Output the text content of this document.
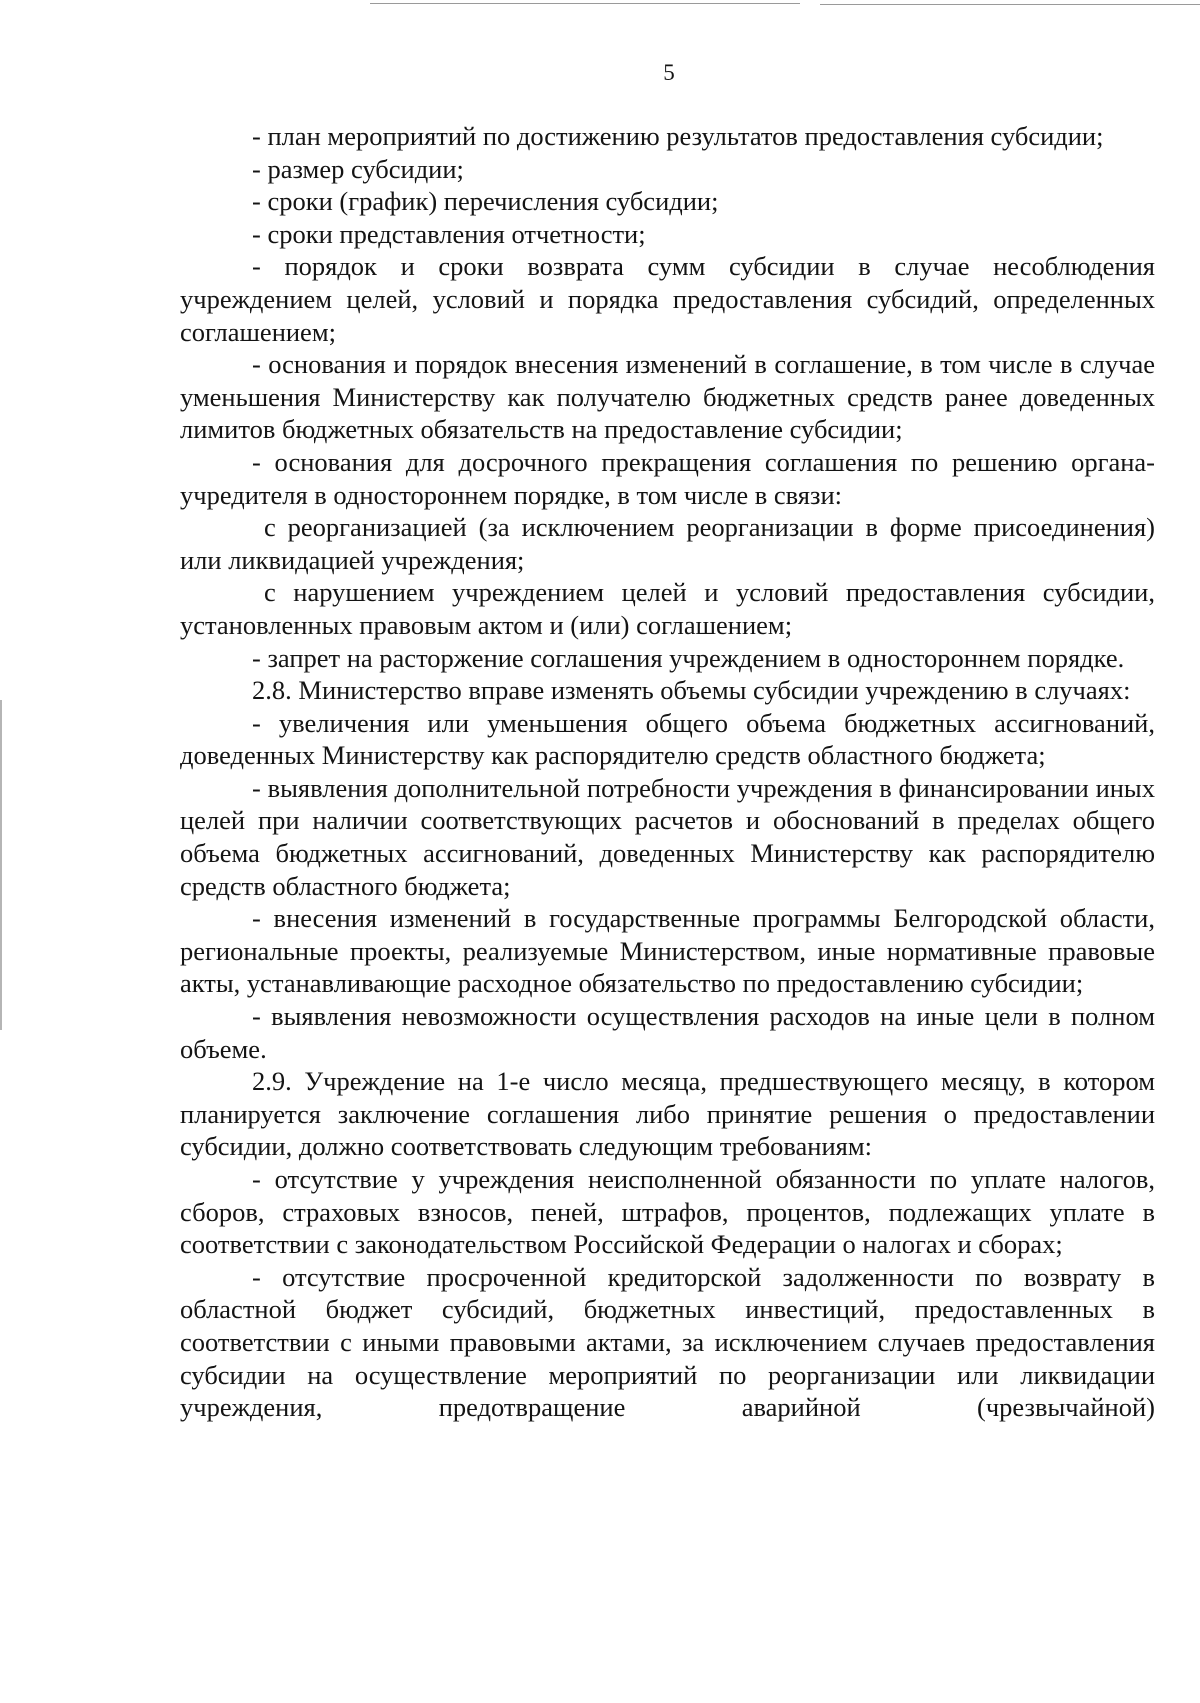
5

- план мероприятий по достижению результатов предоставления субсидии;

- размер субсидии;

- сроки (график) перечисления субсидии;

- сроки представления отчетности;

- порядок и сроки возврата сумм субсидии в случае несоблюдения учреждением целей, условий и порядка предоставления субсидий, определенных соглашением;

- основания и порядок внесения изменений в соглашение, в том числе в случае уменьшения Министерству как получателю бюджетных средств ранее доведенных лимитов бюджетных обязательств на предоставление субсидии;

- основания для досрочного прекращения соглашения по решению органа-учредителя в одностороннем порядке, в том числе в связи:

с реорганизацией (за исключением реорганизации в форме присоединения) или ликвидацией учреждения;

с нарушением учреждением целей и условий предоставления субсидии, установленных правовым актом и (или) соглашением;

- запрет на расторжение соглашения учреждением в одностороннем порядке.

2.8. Министерство вправе изменять объемы субсидии учреждению в случаях:

- увеличения или уменьшения общего объема бюджетных ассигнований, доведенных Министерству как распорядителю средств областного бюджета;

- выявления дополнительной потребности учреждения в финансировании иных целей при наличии соответствующих расчетов и обоснований в пределах общего объема бюджетных ассигнований, доведенных Министерству как распорядителю средств областного бюджета;

- внесения изменений в государственные программы Белгородской области, региональные проекты, реализуемые Министерством, иные нормативные правовые акты, устанавливающие расходное обязательство по предоставлению субсидии;

- выявления невозможности осуществления расходов на иные цели в полном объеме.

2.9. Учреждение на 1-е число месяца, предшествующего месяцу, в котором планируется заключение соглашения либо принятие решения о предоставлении субсидии, должно соответствовать следующим требованиям:

- отсутствие у учреждения неисполненной обязанности по уплате налогов, сборов, страховых взносов, пеней, штрафов, процентов, подлежащих уплате в соответствии с законодательством Российской Федерации о налогах и сборах;

- отсутствие просроченной кредиторской задолженности по возврату в областной бюджет субсидий, бюджетных инвестиций, предоставленных в соответствии с иными правовыми актами, за исключением случаев предоставления субсидии на осуществление мероприятий по реорганизации или ликвидации учреждения, предотвращение аварийной (чрезвычайной)
